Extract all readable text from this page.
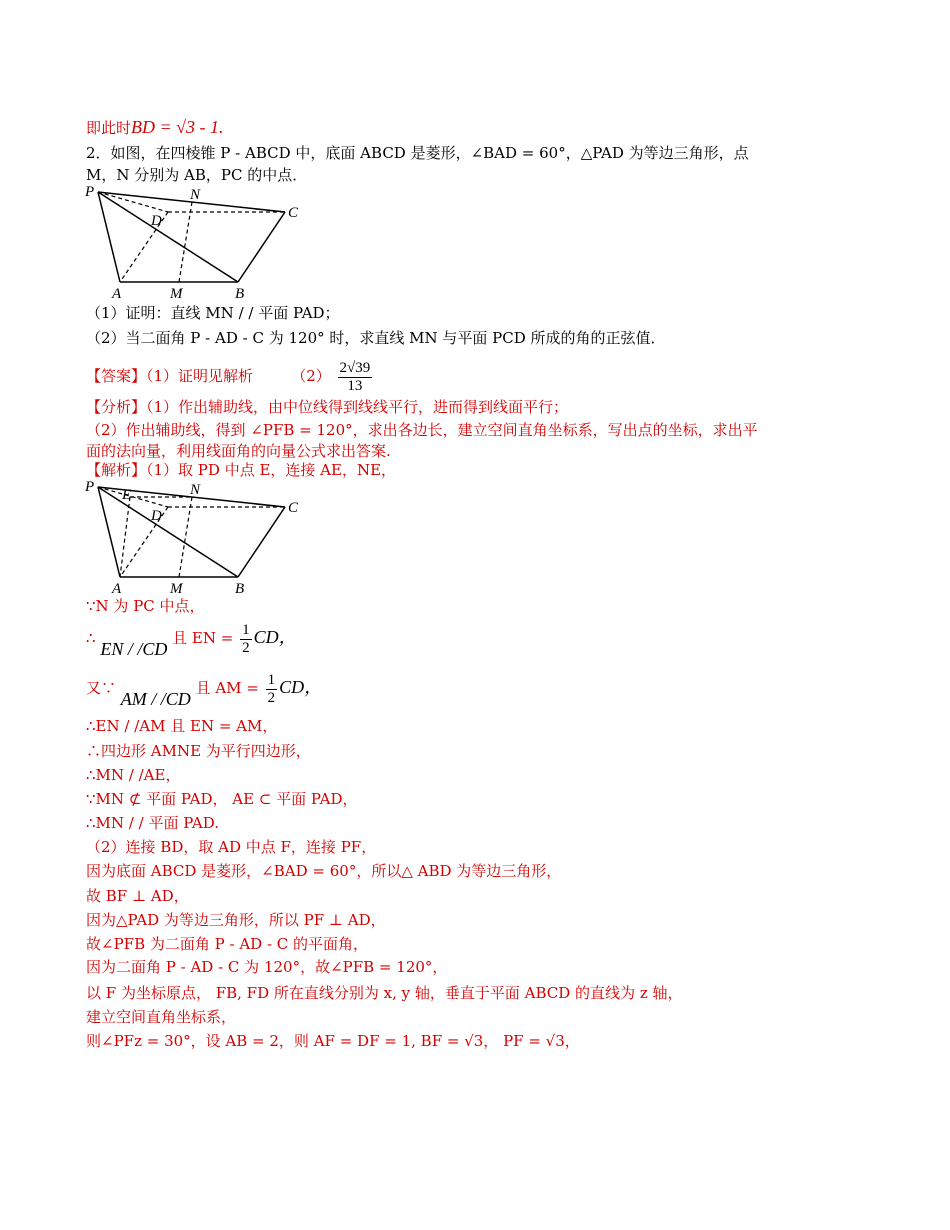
即此时BD = √3 - 1.
2．如图，在四棱锥 P - ABCD 中，底面 ABCD 是菱形，∠BAD = 60°，△PAD 为等边三角形，点
M，N 分别为 AB，PC 的中点．
P	N
C
D
A	M	B
（1）证明：直线 MN / / 平面 PAD；
（2）当二面角 P - AD - C 为 120° 时，求直线 MN 与平面 PCD 所成的角的正弦值．
【答案】（1）证明见解析	$(2) \frac{2√39}{13}$
【分析】（1）作出辅助线，由中位线得到线线平行，进而得到线面平行；
（2）作出辅助线，得到 ∠PFB = 120°，求出各边长，建立空间直角坐标系，写出点的坐标，求出平
面的法向量，利用线面角的向量公式求出答案.
【解析】（1）取 PD 中点 E，连接 AE，NE，
P E	N
C
D
A	M	B
∵N 为 PC 中点，
∴ EN / /CD 且 EN = $\frac{1}{2}$ CD，
又∵ AM / /CD 且 AM = $\frac{1}{2}$ CD，
∴EN / /AM 且 EN = AM，
∴四边形 AMNE 为平行四边形，
∴MN / /AE，
∵MN ⊄ 平面 PAD， AE ⊂ 平面 PAD，
∴MN / / 平面 PAD.
（2）连接 BD，取 AD 中点 F，连接 PF，
因为底面 ABCD 是菱形，∠BAD = 60°，所以△ ABD 为等边三角形，
故 BF ⊥ AD，
因为△PAD 为等边三角形，所以 PF ⊥ AD，
故∠PFB 为二面角 P - AD - C 的平面角，
因为二面角 P - AD - C 为 120°，故∠PFB = 120°，
以 F 为坐标原点， FB, FD 所在直线分别为 x, y 轴，垂直于平面 ABCD 的直线为 z 轴，
建立空间直角坐标系，
则∠PFz = 30°，设 AB = 2，则 AF = DF = 1, BF = √3， PF = √3，
